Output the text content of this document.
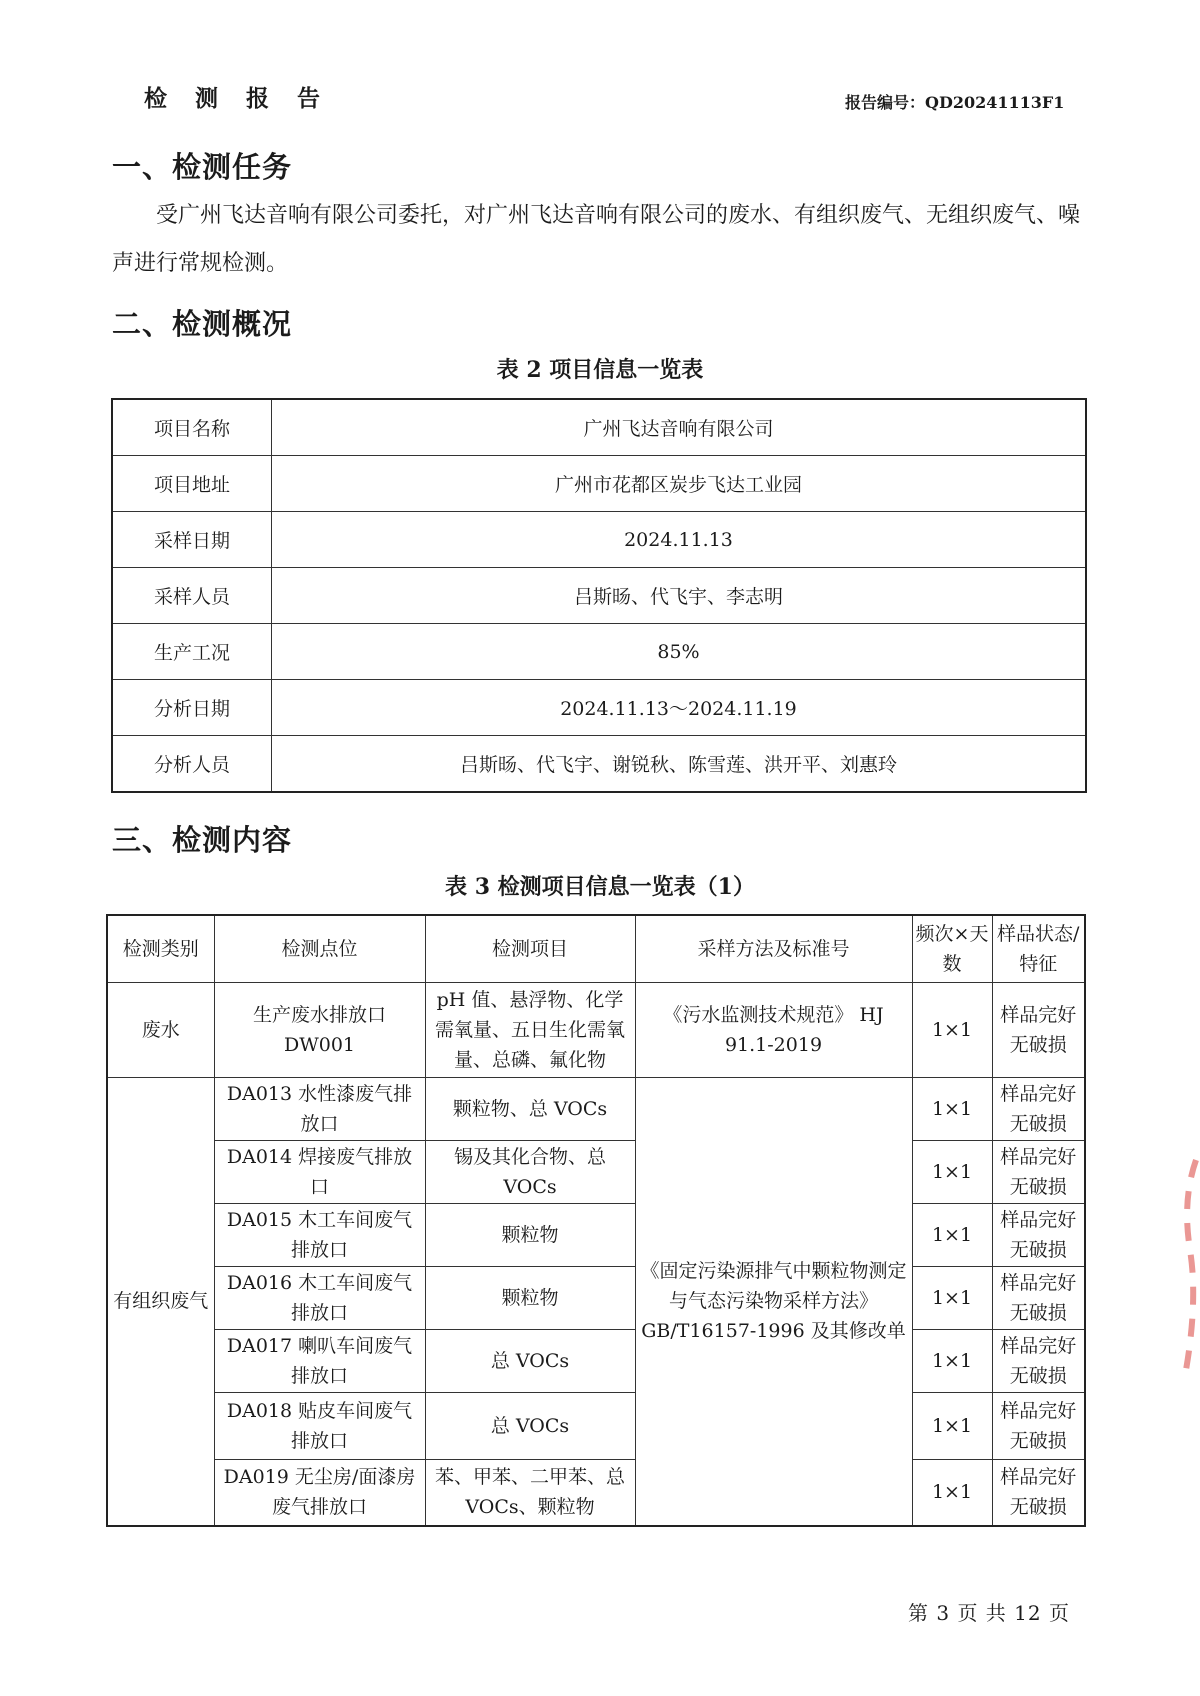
检 测 报 告	报告编号：QD20241113F1
一、检测任务

受广州飞达音响有限公司委托，对广州飞达音响有限公司的废水、有组织废气、无组织废气、噪声进行常规检测。

二、检测概况
表 2 项目信息一览表
项目名称	广州飞达音响有限公司
项目地址	广州市花都区炭步飞达工业园
采样日期	2024.11.13
采样人员	吕斯旸、代飞宇、李志明
生产工况	85%
分析日期	2024.11.13～2024.11.19
分析人员	吕斯旸、代飞宇、谢锐秋、陈雪莲、洪开平、刘惠玲
三、检测内容
表 3 检测项目信息一览表（1）
检测类别	检测点位	检测项目	采样方法及标准号	频次×天数	样品状态/特征
废水	生产废水排放口 DW001	pH 值、悬浮物、化学需氧量、五日生化需氧量、总磷、氟化物	《污水监测技术规范》 HJ 91.1-2019	1×1	样品完好无破损
有组织废气	DA013 水性漆废气排放口	颗粒物、总 VOCs	《固定污染源排气中颗粒物测定与气态污染物采样方法》GB/T16157-1996 及其修改单	1×1	样品完好无破损
	DA014 焊接废气排放口	锡及其化合物、总 VOCs		1×1	样品完好无破损
	DA015 木工车间废气排放口	颗粒物		1×1	样品完好无破损
	DA016 木工车间废气排放口	颗粒物		1×1	样品完好无破损
	DA017 喇叭车间废气排放口	总 VOCs		1×1	样品完好无破损
	DA018 贴皮车间废气排放口	总 VOCs		1×1	样品完好无破损
	DA019 无尘房/面漆房废气排放口	苯、甲苯、二甲苯、总 VOCs、颗粒物		1×1	样品完好无破损
第 3 页 共 12 页
